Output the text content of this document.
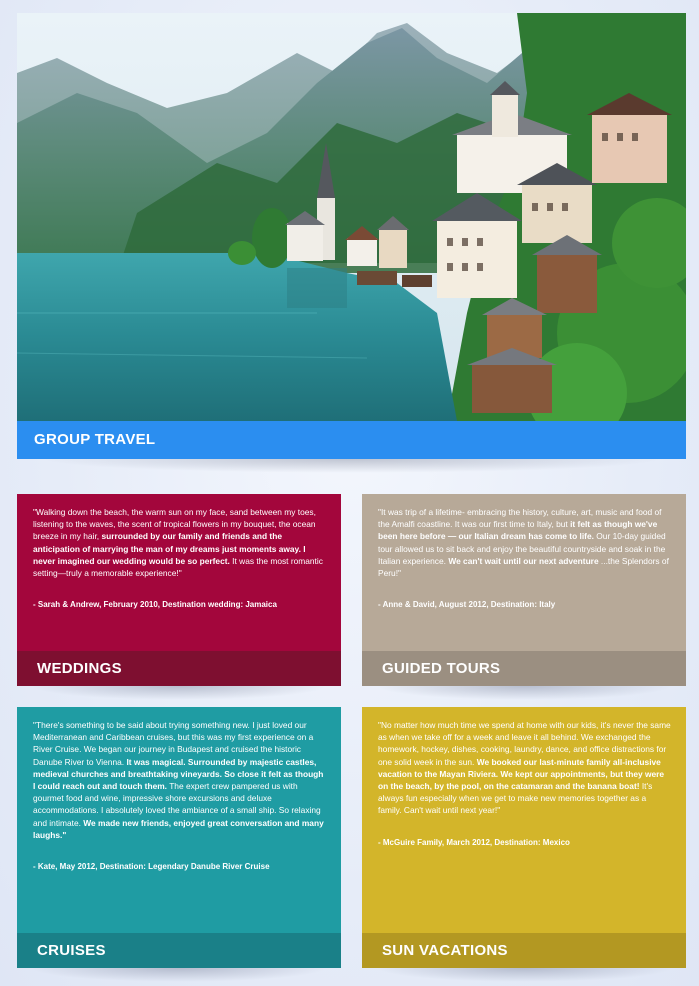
GROUP TRAVEL
"Walking down the beach, the warm sun on my face, sand between my toes, listening to the waves, the scent of tropical flowers in my bouquet, the ocean breeze in my hair, surrounded by our family and friends and the anticipation of marrying the man of my dreams just moments away. I never imagined our wedding would be so perfect. It was the most romantic setting—truly a memorable experience!"
- Sarah & Andrew, February 2010, Destination wedding: Jamaica
WEDDINGS
"It was trip of a lifetime- embracing the history, culture, art, music and food of the Amalfi coastline. It was our first time to Italy, but it felt as though we've been here before — our Italian dream has come to life. Our 10-day guided tour allowed us to sit back and enjoy the beautiful countryside and soak in the Italian experience. We can't wait until our next adventure ...the Splendors of Peru!"
- Anne & David, August 2012, Destination: Italy
GUIDED TOURS
"There's something to be said about trying something new. I just loved our Mediterranean and Caribbean cruises, but this was my first experience on a River Cruise. We began our journey in Budapest and cruised the historic Danube River to Vienna. It was magical. Surrounded by majestic castles, medieval churches and breathtaking vineyards. So close it felt as though I could reach out and touch them. The expert crew pampered us with gourmet food and wine, impressive shore excursions and deluxe accommodations. I absolutely loved the ambiance of a small ship. So relaxing and intimate. We made new friends, enjoyed great conversation and many laughs."
- Kate, May 2012, Destination: Legendary Danube River Cruise
CRUISES
"No matter how much time we spend at home with our kids, it's never the same as when we take off for a week and leave it all behind. We exchanged the homework, hockey, dishes, cooking, laundry, dance, and office distractions for one solid week in the sun. We booked our last-minute family all-inclusive vacation to the Mayan Riviera. We kept our appointments, but they were on the beach, by the pool, on the catamaran and the banana boat! It's always fun especially when we get to make new memories together as a family. Can't wait until next year!"
- McGuire Family, March 2012, Destination: Mexico
SUN VACATIONS
